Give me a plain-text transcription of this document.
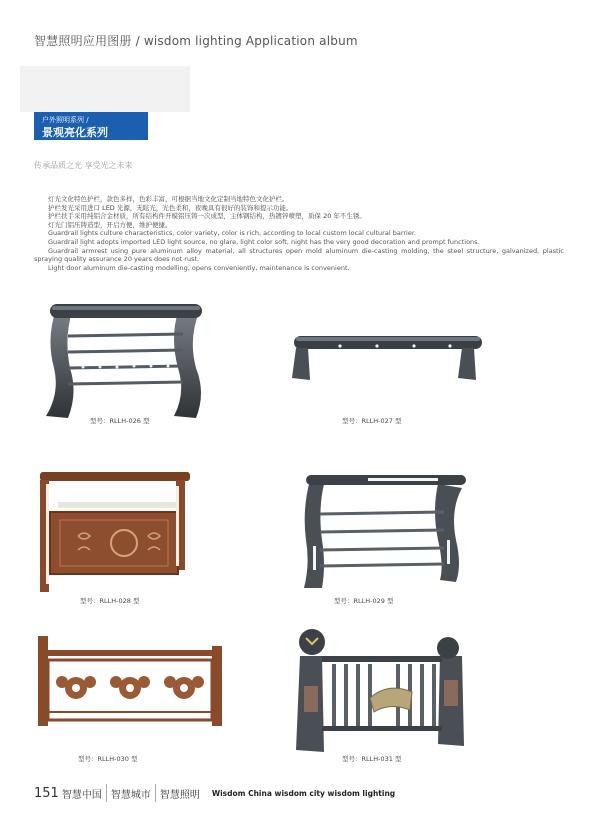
智慧照明应用图册 / wisdom lighting Application album
户外照明系列 /
景观亮化系列
传承品质之光 享受光之未来

灯光文化特色护栏，款色多样，色彩丰富，可根据当地文化定制当地特色文化护栏。

护栏发光采用进口 LED 光源，无眩光，光色柔和，夜晚具有很好的装饰和提示功能。

护栏扶手采用纯铝合金材质，所有结构件开模铝压铸一次成型，主体钢结构，热镀锌喷塑，质保 20 年不生锈。

灯光门铝压铸造型，开启方便，维护便捷。

Guardrail lights culture characteristics, color variety, color is rich, according to local custom local cultural barrier.

Guardrail light adopts imported LED light source, no glare, light color soft, night has the very good decoration and prompt functions.

Guardrail armrest using pure aluminum alloy material, all structures open mold aluminum die-casting molding, the steel structure, galvanized, plastic spraying quality assurance 20 years does not rust.

Light door aluminum die-casting modelling, opens conveniently, maintenance is convenient.

型号：RLLH-026 型	型号：RLLH-027 型
型号：RLLH-028 型	型号：RLLH-029 型
型号：RLLH-030 型	型号：RLLH-031 型
151 智慧中国 智慧城市 智慧照明 Wisdom China wisdom city wisdom lighting
